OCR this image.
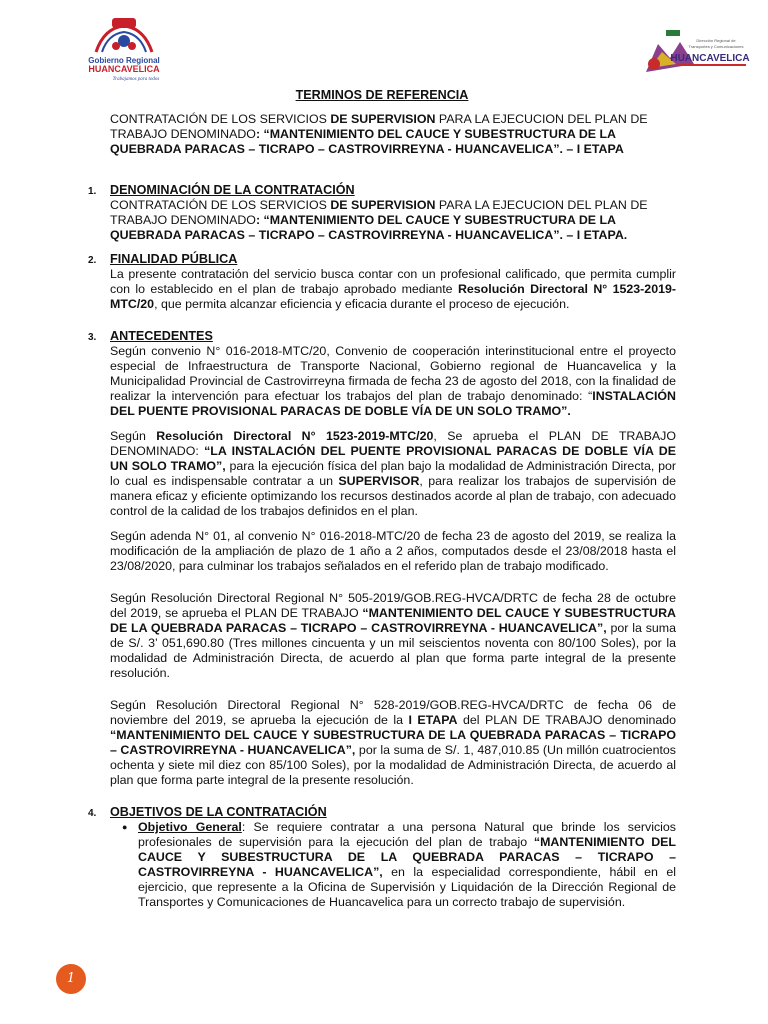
Gobierno Regional
HUANCAVELICA
Trabajamos para todos
Dirección Regional de
Transportes y Comunicaciones
HUANCAVELICA
TERMINOS DE REFERENCIA

CONTRATACIÓN DE LOS SERVICIOS DE SUPERVISION PARA LA EJECUCION DEL PLAN DE TRABAJO DENOMINADO: “MANTENIMIENTO DEL CAUCE Y SUBESTRUCTURA DE LA QUEBRADA PARACAS – TICRAPO – CASTROVIRREYNA - HUANCAVELICA”. – I ETAPA

1. DENOMINACIÓN DE LA CONTRATACIÓN

CONTRATACIÓN DE LOS SERVICIOS DE SUPERVISION PARA LA EJECUCION DEL PLAN DE TRABAJO DENOMINADO: “MANTENIMIENTO DEL CAUCE Y SUBESTRUCTURA DE LA QUEBRADA PARACAS – TICRAPO – CASTROVIRREYNA - HUANCAVELICA”. – I ETAPA.

2. FINALIDAD PÚBLICA

La presente contratación del servicio busca contar con un profesional calificado, que permita cumplir con lo establecido en el plan de trabajo aprobado mediante Resolución Directoral N° 1523-2019-MTC/20, que permita alcanzar eficiencia y eficacia durante el proceso de ejecución.

3. ANTECEDENTES

Según convenio N° 016-2018-MTC/20, Convenio de cooperación interinstitucional entre el proyecto especial de Infraestructura de Transporte Nacional, Gobierno regional de Huancavelica y la Municipalidad Provincial de Castrovirreyna firmada de fecha 23 de agosto del 2018, con la finalidad de realizar la intervención para efectuar los trabajos del plan de trabajo denominado: “INSTALACIÓN DEL PUENTE PROVISIONAL PARACAS DE DOBLE VÍA DE UN SOLO TRAMO”.

Según Resolución Directoral N° 1523-2019-MTC/20, Se aprueba el PLAN DE TRABAJO DENOMINADO: “LA INSTALACIÓN DEL PUENTE PROVISIONAL PARACAS DE DOBLE VÍA DE UN SOLO TRAMO”, para la ejecución física del plan bajo la modalidad de Administración Directa, por lo cual es indispensable contratar a un SUPERVISOR, para realizar los trabajos de supervisión de manera eficaz y eficiente optimizando los recursos destinados acorde al plan de trabajo, con adecuado control de la calidad de los trabajos definidos en el plan.

Según adenda N° 01, al convenio N° 016-2018-MTC/20 de fecha 23 de agosto del 2019, se realiza la modificación de la ampliación de plazo de 1 año a 2 años, computados desde el 23/08/2018 hasta el 23/08/2020, para culminar los trabajos señalados en el referido plan de trabajo modificado.

Según Resolución Directoral Regional N° 505-2019/GOB.REG-HVCA/DRTC de fecha 28 de octubre del 2019, se aprueba el PLAN DE TRABAJO “MANTENIMIENTO DEL CAUCE Y SUBESTRUCTURA DE LA QUEBRADA PARACAS – TICRAPO – CASTROVIRREYNA - HUANCAVELICA”, por la suma de S/. 3’ 051,690.80 (Tres millones cincuenta y un mil seiscientos noventa con 80/100 Soles), por la modalidad de Administración Directa, de acuerdo al plan que forma parte integral de la presente resolución.

Según Resolución Directoral Regional N° 528-2019/GOB.REG-HVCA/DRTC de fecha 06 de noviembre del 2019, se aprueba la ejecución de la I ETAPA del PLAN DE TRABAJO denominado “MANTENIMIENTO DEL CAUCE Y SUBESTRUCTURA DE LA QUEBRADA PARACAS – TICRAPO – CASTROVIRREYNA - HUANCAVELICA”, por la suma de S/. 1, 487,010.85 (Un millón cuatrocientos ochenta y siete mil diez con 85/100 Soles), por la modalidad de Administración Directa, de acuerdo al plan que forma parte integral de la presente resolución.

4. OBJETIVOS DE LA CONTRATACIÓN
● Objetivo General: Se requiere contratar a una persona Natural que brinde los servicios profesionales de supervisión para la ejecución del plan de trabajo “MANTENIMIENTO DEL CAUCE Y SUBESTRUCTURA DE LA QUEBRADA PARACAS – TICRAPO – CASTROVIRREYNA - HUANCAVELICA”, en la especialidad correspondiente, hábil en el ejercicio, que represente a la Oficina de Supervisión y Liquidación de la Dirección Regional de Transportes y Comunicaciones de Huancavelica para un correcto trabajo de supervisión.
1
